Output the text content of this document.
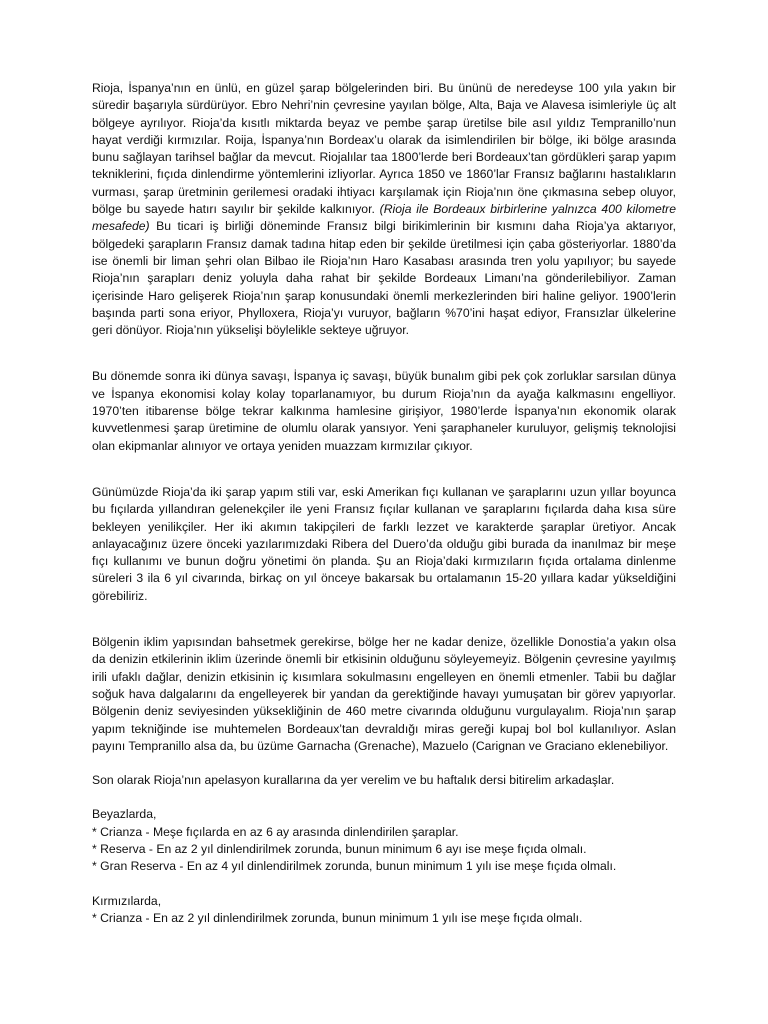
Rioja, İspanya’nın en ünlü, en güzel şarap bölgelerinden biri. Bu ününü de neredeyse 100 yıla yakın bir süredir başarıyla sürdürüyor. Ebro Nehri’nin çevresine yayılan bölge, Alta, Baja ve Alavesa isimleriyle üç alt bölgeye ayrılıyor. Rioja’da kısıtlı miktarda beyaz ve pembe şarap üretilse bile asıl yıldız Tempranillo’nun hayat verdiği kırmızılar. Roija, İspanya’nın Bordeax’u olarak da isimlendirilen bir bölge, iki bölge arasında bunu sağlayan tarihsel bağlar da mevcut. Riojalılar taa 1800’lerde beri Bordeaux’tan gördükleri şarap yapım tekniklerini, fıçıda dinlendirme yöntemlerini izliyorlar. Ayrıca 1850 ve 1860’lar Fransız bağlarını hastalıkların vurması, şarap üretminin gerilemesi oradaki ihtiyacı karşılamak için Rioja’nın öne çıkmasına sebep oluyor, bölge bu sayede hatırı sayılır bir şekilde kalkınıyor. (Rioja ile Bordeaux birbirlerine yalnızca 400 kilometre mesafede) Bu ticari iş birliği döneminde Fransız bilgi birikimlerinin bir kısmını daha Rioja’ya aktarıyor, bölgedeki şarapların Fransız damak tadına hitap eden bir şekilde üretilmesi için çaba gösteriyorlar. 1880’da ise önemli bir liman şehri olan Bilbao ile Rioja’nın Haro Kasabası arasında tren yolu yapılıyor; bu sayede Rioja’nın şarapları deniz yoluyla daha rahat bir şekilde Bordeaux Limanı’na gönderilebiliyor. Zaman içerisinde Haro gelişerek Rioja’nın şarap konusundaki önemli merkezlerinden biri haline geliyor. 1900’lerin başında parti sona eriyor, Phylloxera, Rioja’yı vuruyor, bağların %70’ini haşat ediyor, Fransızlar ülkelerine geri dönüyor. Rioja’nın yükselişi böylelikle sekteye uğruyor.

Bu dönemde sonra iki dünya savaşı, İspanya iç savaşı, büyük bunalım gibi pek çok zorluklar sarsılan dünya ve İspanya ekonomisi kolay kolay toparlanamıyor, bu durum Rioja’nın da ayağa kalkmasını engelliyor. 1970’ten itibarense bölge tekrar kalkınma hamlesine girişiyor, 1980’lerde İspanya’nın ekonomik olarak kuvvetlenmesi şarap üretimine de olumlu olarak yansıyor. Yeni şaraphaneler kuruluyor, gelişmiş teknolojisi olan ekipmanlar alınıyor ve ortaya yeniden muazzam kırmızılar çıkıyor.

Günümüzde Rioja’da iki şarap yapım stili var, eski Amerikan fıçı kullanan ve şaraplarını uzun yıllar boyunca bu fıçılarda yıllandıran gelenekçiler ile yeni Fransız fıçılar kullanan ve şaraplarını fıçılarda daha kısa süre bekleyen yenilikçiler. Her iki akımın takipçileri de farklı lezzet ve karakterde şaraplar üretiyor. Ancak anlayacağınız üzere önceki yazılarımızdaki Ribera del Duero’da olduğu gibi burada da inanılmaz bir meşe fıçı kullanımı ve bunun doğru yönetimi ön planda. Şu an Rioja’daki kırmızıların fıçıda ortalama dinlenme süreleri 3 ila 6 yıl civarında, birkaç on yıl önceye bakarsak bu ortalamanın 15-20 yıllara kadar yükseldiğini görebiliriz.

Bölgenin iklim yapısından bahsetmek gerekirse, bölge her ne kadar denize, özellikle Donostia’a yakın olsa da denizin etkilerinin iklim üzerinde önemli bir etkisinin olduğunu söyleyemeyiz. Bölgenin çevresine yayılmış irili ufaklı dağlar, denizin etkisinin iç kısımlara sokulmasını engelleyen en önemli etmenler. Tabii bu dağlar soğuk hava dalgalarını da engelleyerek bir yandan da gerektiğinde havayı yumuşatan bir görev yapıyorlar. Bölgenin deniz seviyesinden yüksekliğinin de 460 metre civarında olduğunu vurgulayalım. Rioja’nın şarap yapım tekniğinde ise muhtemelen Bordeaux’tan devraldığı miras gereği kupaj bol bol kullanılıyor. Aslan payını Tempranillo alsa da, bu üzüme Garnacha (Grenache), Mazuelo (Carignan ve Graciano eklenebiliyor.

Son olarak Rioja’nın apelasyon kurallarına da yer verelim ve bu haftalık dersi bitirelim arkadaşlar.

Beyazlarda,

* Crianza - Meşe fıçılarda en az 6 ay arasında dinlendirilen şaraplar.

* Reserva - En az 2 yıl dinlendirilmek zorunda, bunun minimum 6 ayı ise meşe fıçıda olmalı.

* Gran Reserva - En az 4 yıl dinlendirilmek zorunda, bunun minimum 1 yılı ise meşe fıçıda olmalı.

Kırmızılarda,

* Crianza - En az 2 yıl dinlendirilmek zorunda, bunun minimum 1 yılı ise meşe fıçıda olmalı.
